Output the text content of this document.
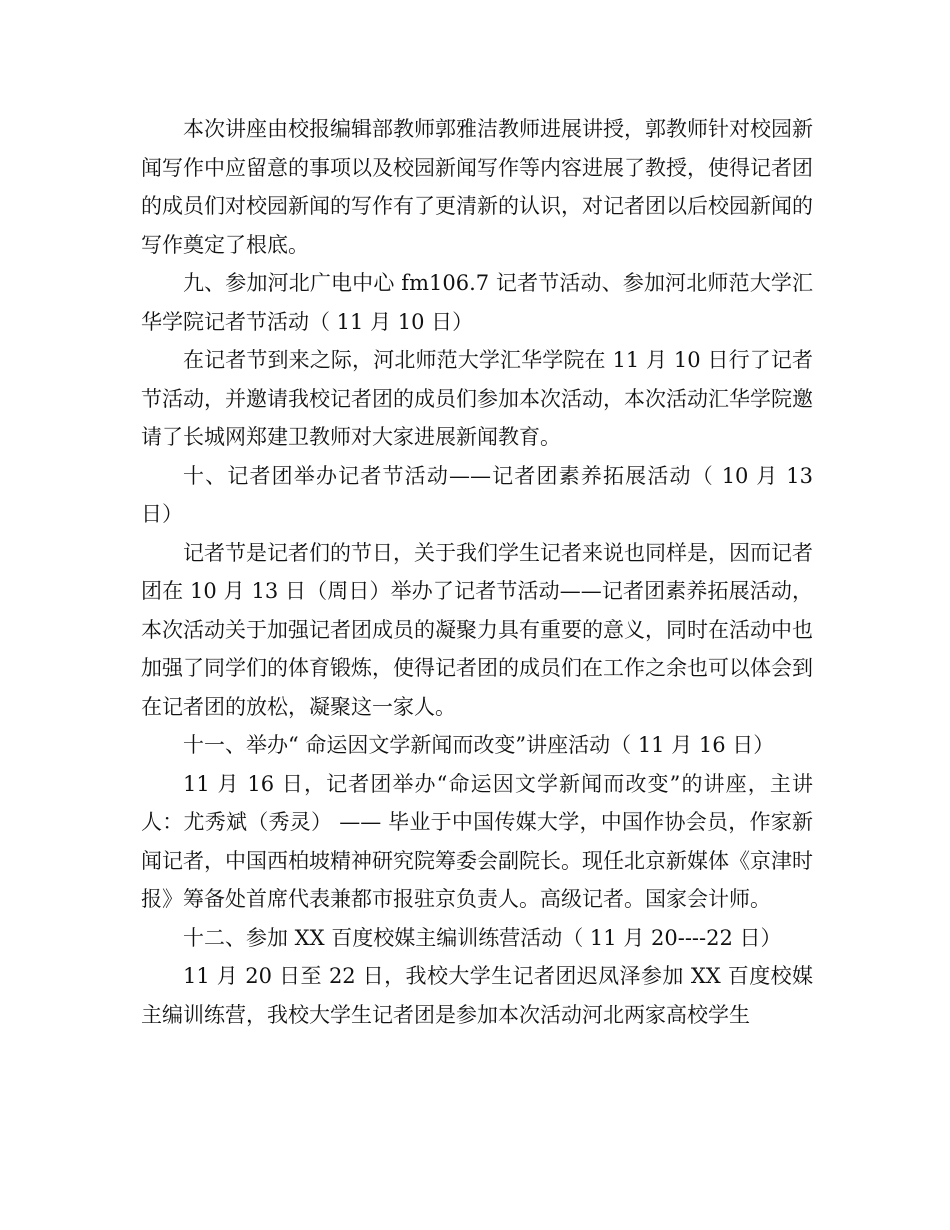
本次讲座由校报编辑部教师郭雅洁教师进展讲授，郭教师针对校园新闻写作中应留意的事项以及校园新闻写作等内容进展了教授，使得记者团的成员们对校园新闻的写作有了更清新的认识，对记者团以后校园新闻的写作奠定了根底。

九、参加河北广电中心 fm106.7 记者节活动、参加河北师范大学汇华学院记者节活动（ 11 月 10 日）

在记者节到来之际，河北师范大学汇华学院在 11 月 10 日行了记者节活动，并邀请我校记者团的成员们参加本次活动，本次活动汇华学院邀请了长城网郑建卫教师对大家进展新闻教育。

十、记者团举办记者节活动——记者团素养拓展活动（ 10 月 13 日）

记者节是记者们的节日，关于我们学生记者来说也同样是，因而记者团在 10 月 13 日（周日）举办了记者节活动——记者团素养拓展活动，本次活动关于加强记者团成员的凝聚力具有重要的意义，同时在活动中也加强了同学们的体育锻炼，使得记者团的成员们在工作之余也可以体会到在记者团的放松，凝聚这一家人。

十一、举办“ 命运因文学新闻而改变”讲座活动（ 11 月 16 日）

11 月 16 日，记者团举办“命运因文学新闻而改变”的讲座，主讲人：尤秀斌（秀灵） —— 毕业于中国传媒大学，中国作协会员，作家新闻记者，中国西柏坡精神研究院筹委会副院长。现任北京新媒体《京津时报》筹备处首席代表兼都市报驻京负责人。高级记者。国家会计师。

十二、参加 XX 百度校媒主编训练营活动（ 11 月 20----22 日）

11 月 20 日至 22 日，我校大学生记者团迟凤泽参加 XX 百度校媒主编训练营，我校大学生记者团是参加本次活动河北两家高校学生
